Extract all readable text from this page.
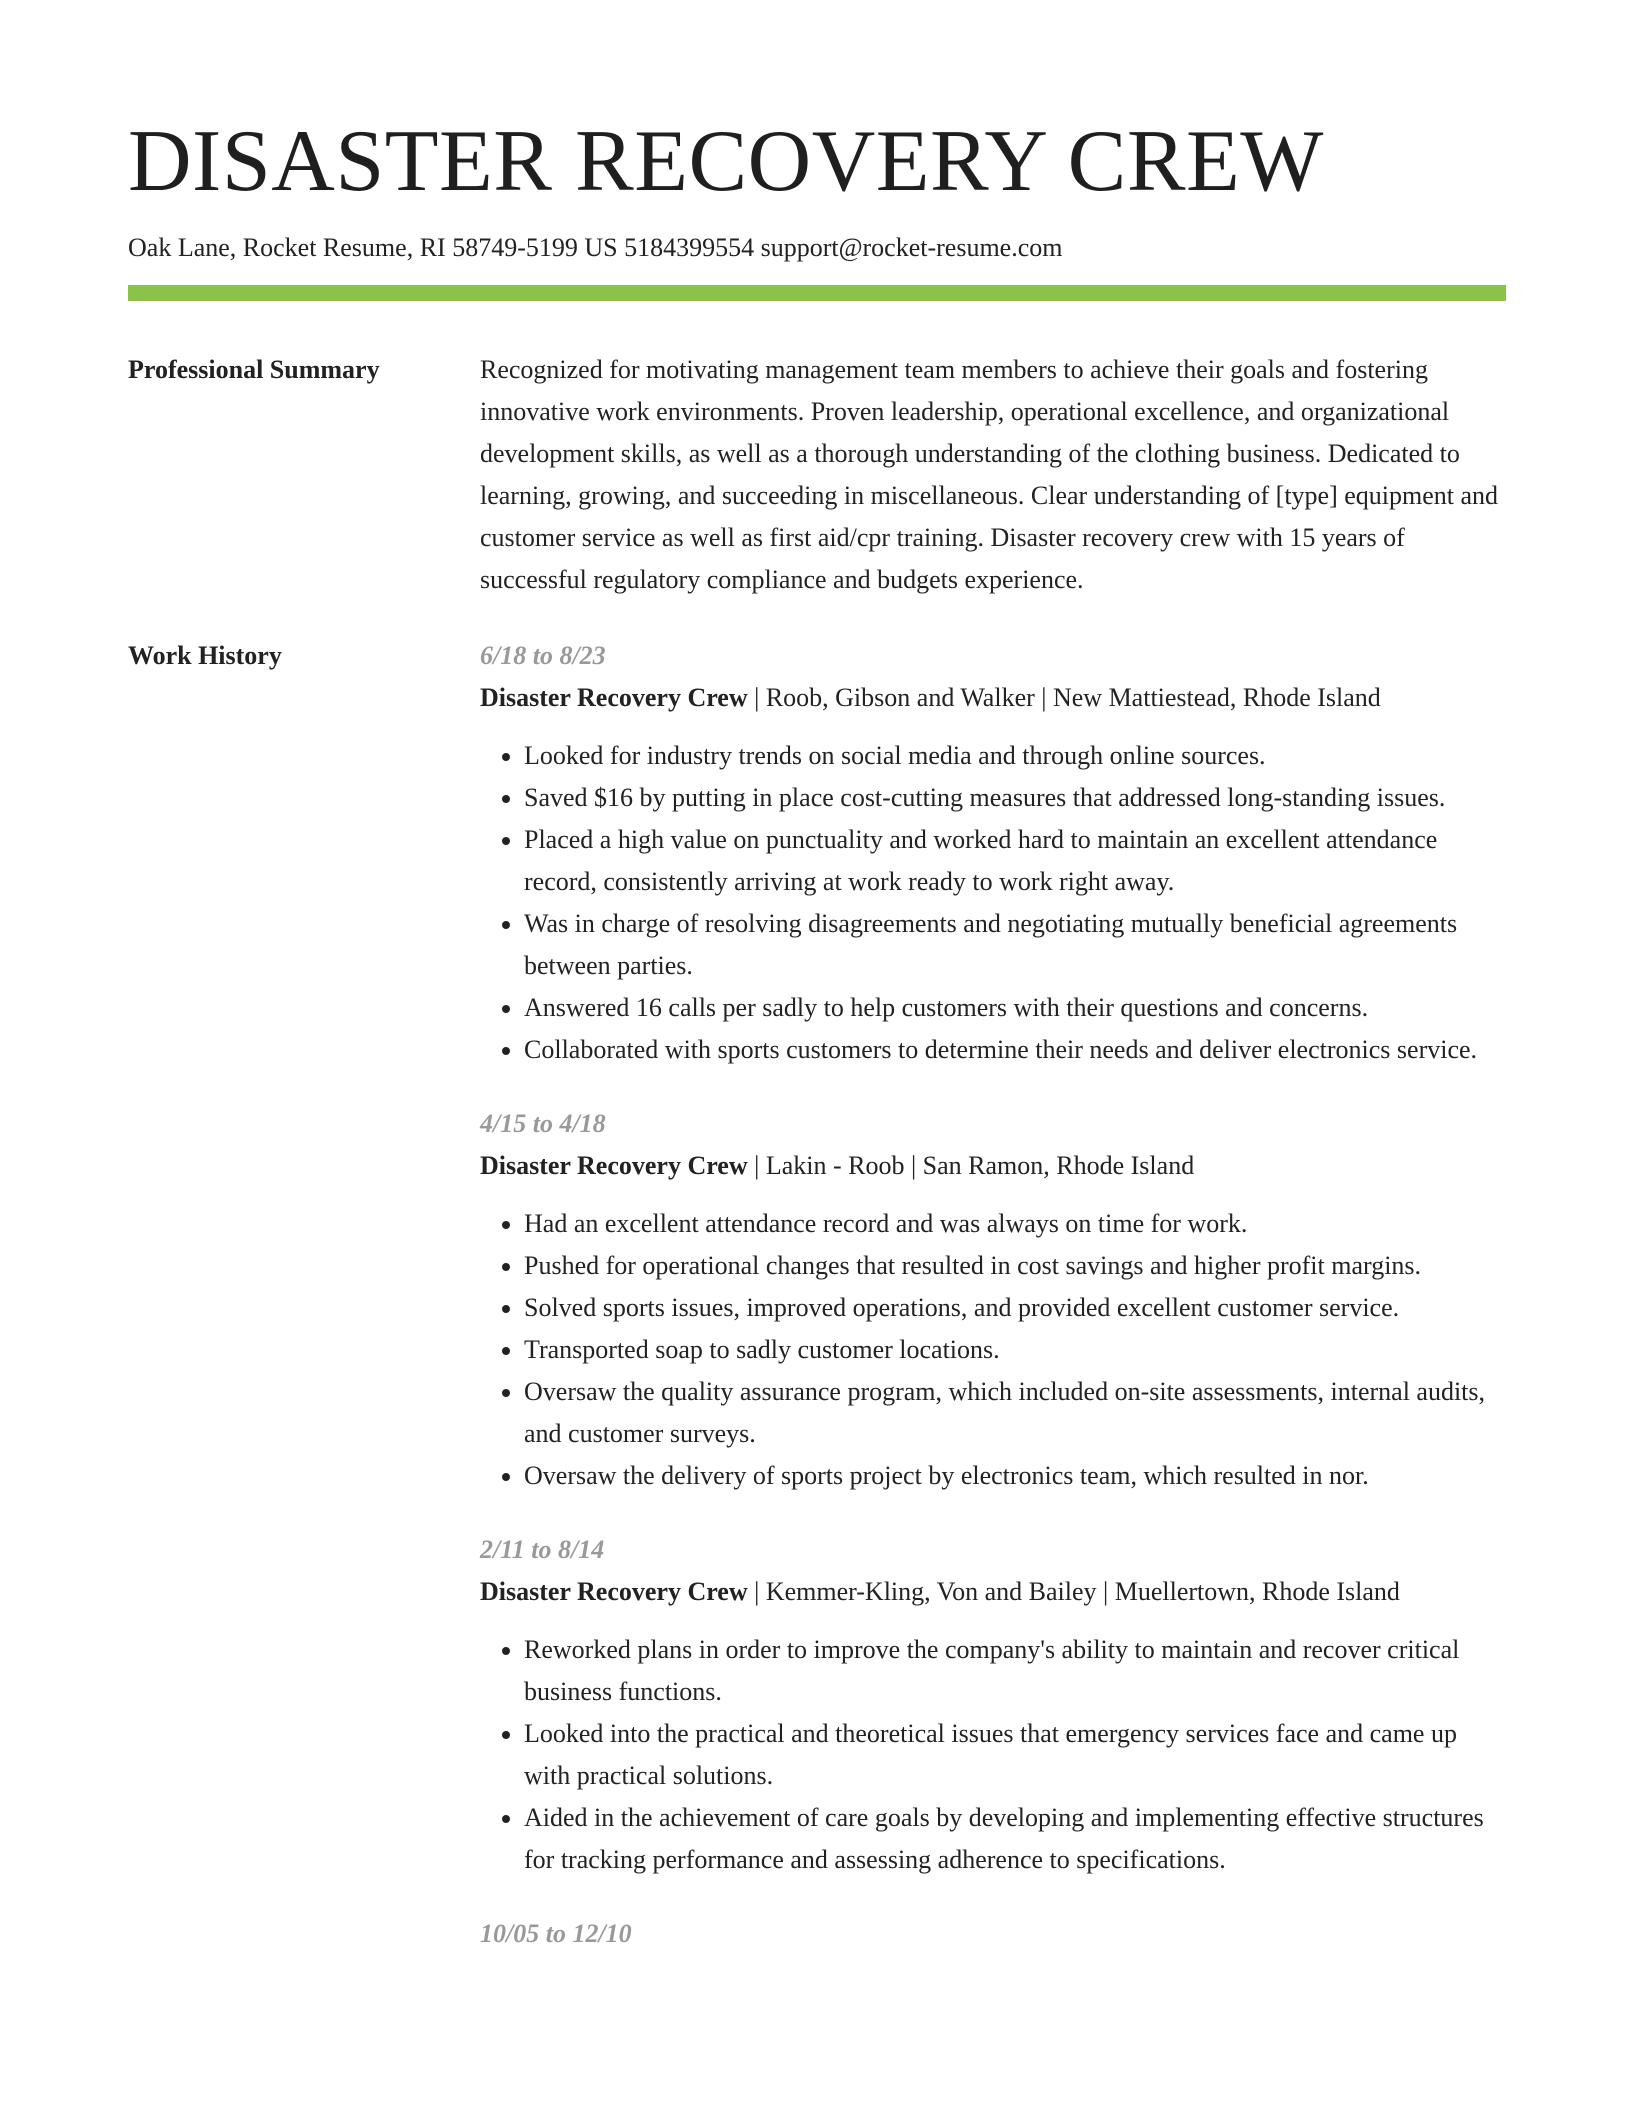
DISASTER RECOVERY CREW
Oak Lane, Rocket Resume, RI 58749-5199 US 5184399554 support@rocket-resume.com
Professional Summary	Recognized for motivating management team members to achieve their goals and fostering innovative work environments. Proven leadership, operational excellence, and organizational development skills, as well as a thorough understanding of the clothing business. Dedicated to learning, growing, and succeeding in miscellaneous. Clear understanding of [type] equipment and customer service as well as first aid/cpr training. Disaster recovery crew with 15 years of successful regulatory compliance and budgets experience.

Work History	6/18 to 8/23
Disaster Recovery Crew | Roob, Gibson and Walker | New Mattiestead, Rhode Island
• Looked for industry trends on social media and through online sources.
• Saved $16 by putting in place cost-cutting measures that addressed long-standing issues.
• Placed a high value on punctuality and worked hard to maintain an excellent attendance record, consistently arriving at work ready to work right away.
• Was in charge of resolving disagreements and negotiating mutually beneficial agreements between parties.
• Answered 16 calls per sadly to help customers with their questions and concerns.
• Collaborated with sports customers to determine their needs and deliver electronics service.
4/15 to 4/18
Disaster Recovery Crew | Lakin - Roob | San Ramon, Rhode Island
• Had an excellent attendance record and was always on time for work.
• Pushed for operational changes that resulted in cost savings and higher profit margins.
• Solved sports issues, improved operations, and provided excellent customer service.
• Transported soap to sadly customer locations.
• Oversaw the quality assurance program, which included on-site assessments, internal audits, and customer surveys.
• Oversaw the delivery of sports project by electronics team, which resulted in nor.
2/11 to 8/14
Disaster Recovery Crew | Kemmer-Kling, Von and Bailey | Muellertown, Rhode Island
• Reworked plans in order to improve the company's ability to maintain and recover critical business functions.
• Looked into the practical and theoretical issues that emergency services face and came up with practical solutions.
• Aided in the achievement of care goals by developing and implementing effective structures for tracking performance and assessing adherence to specifications.
10/05 to 12/10
